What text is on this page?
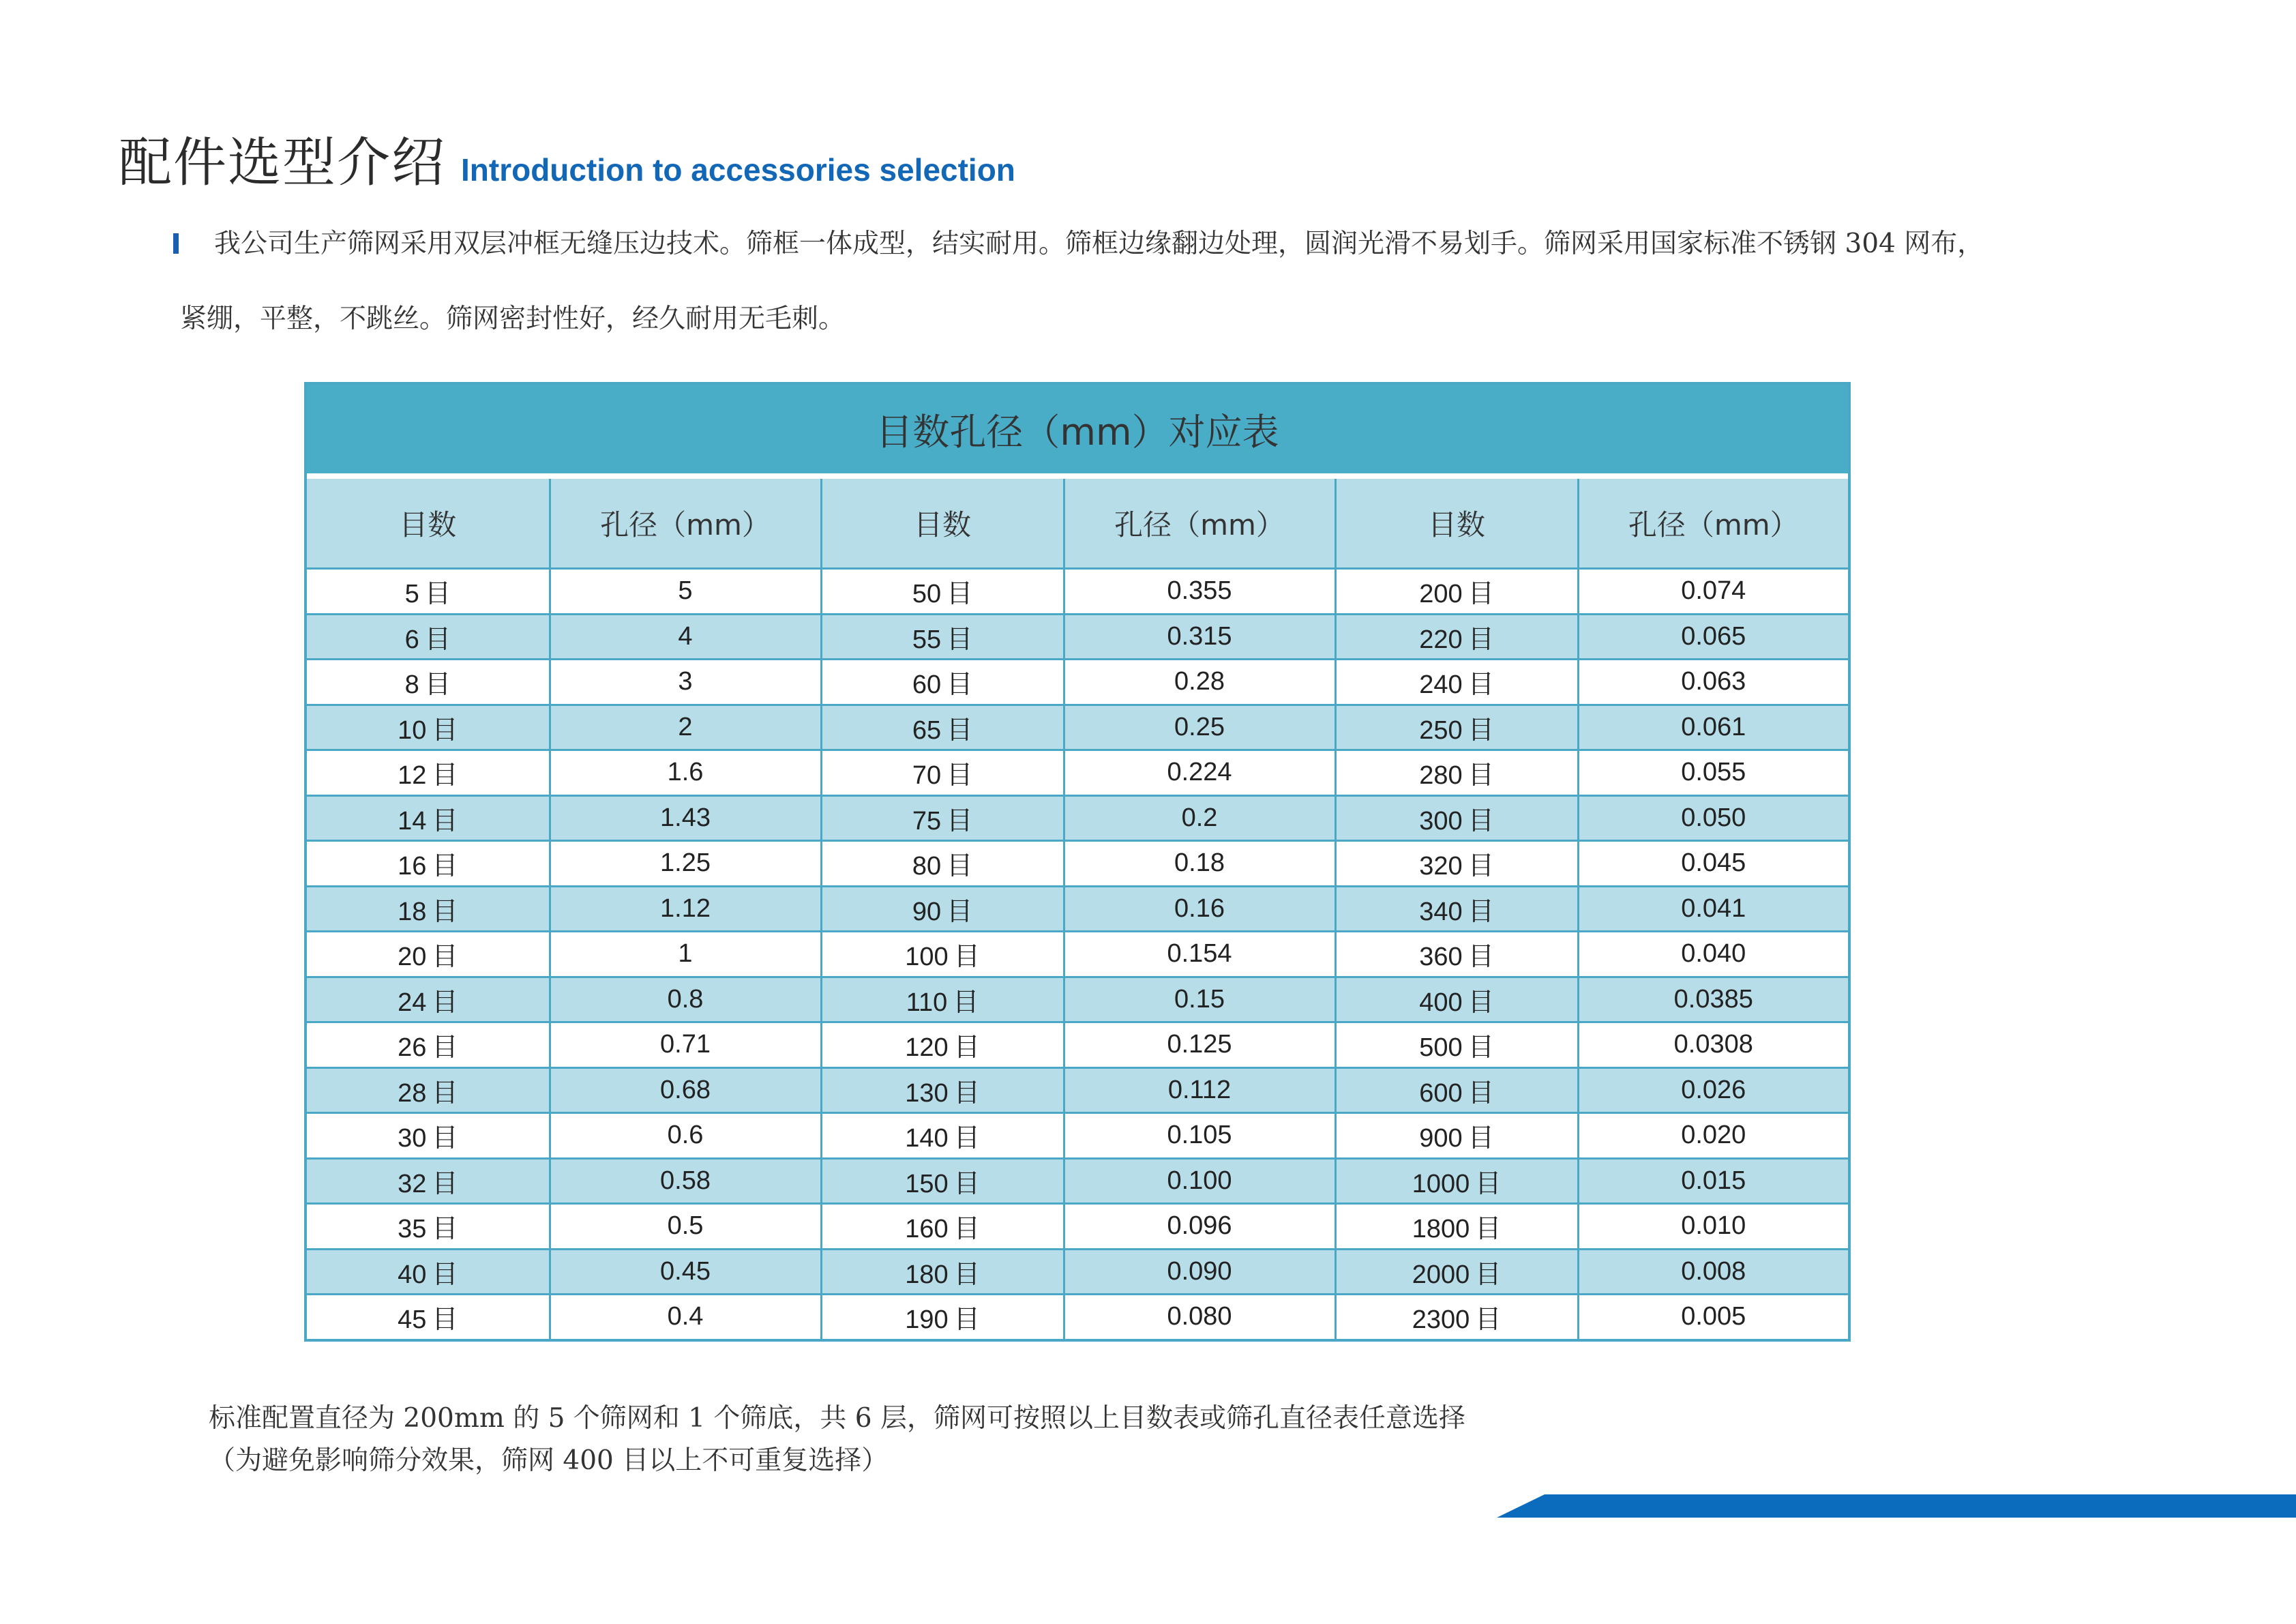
配件选型介绍 Introduction to accessories selection
我公司生产筛网采用双层冲框无缝压边技术。筛框一体成型，结实耐用。筛框边缘翻边处理，圆润光滑不易划手。筛网采用国家标准不锈钢 304 网布，
紧绷，平整，不跳丝。筛网密封性好，经久耐用无毛刺。
目数孔径（mm）对应表
目数	孔径（mm）	目数	孔径（mm）	目数	孔径（mm）
5 目	5	50 目	0.355	200 目	0.074
6 目	4	55 目	0.315	220 目	0.065
8 目	3	60 目	0.28	240 目	0.063
10 目	2	65 目	0.25	250 目	0.061
12 目	1.6	70 目	0.224	280 目	0.055
14 目	1.43	75 目	0.2	300 目	0.050
16 目	1.25	80 目	0.18	320 目	0.045
18 目	1.12	90 目	0.16	340 目	0.041
20 目	1	100 目	0.154	360 目	0.040
24 目	0.8	110 目	0.15	400 目	0.0385
26 目	0.71	120 目	0.125	500 目	0.0308
28 目	0.68	130 目	0.112	600 目	0.026
30 目	0.6	140 目	0.105	900 目	0.020
32 目	0.58	150 目	0.100	1000 目	0.015
35 目	0.5	160 目	0.096	1800 目	0.010
40 目	0.45	180 目	0.090	2000 目	0.008
45 目	0.4	190 目	0.080	2300 目	0.005
标准配置直径为 200mm 的 5 个筛网和 1 个筛底，共 6 层，筛网可按照以上目数表或筛孔直径表任意选择
（为避免影响筛分效果，筛网 400 目以上不可重复选择）
